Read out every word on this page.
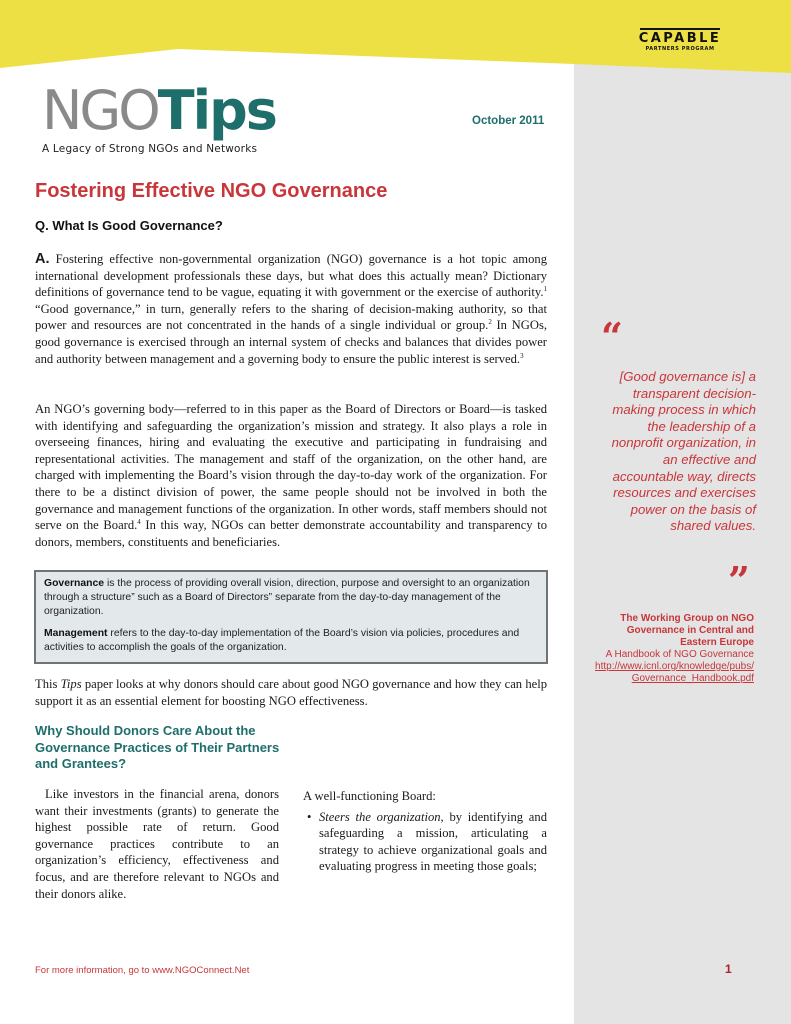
CAPABLE
PARTNERS PROGRAM
NGOTips
A Legacy of Strong NGOs and Networks
October 2011
Fostering Effective NGO Governance
Q. What Is Good Governance?
A. Fostering effective non-governmental organization (NGO) governance is a hot topic among international development professionals these days, but what does this actually mean? Dictionary definitions of governance tend to be vague, equating it with government or the exercise of authority.$^1$ “Good governance,” in turn, generally refers to the sharing of decision-making authority, so that power and resources are not concentrated in the hands of a single individual or group.$^2$ In NGOs, good governance is exercised through an internal system of checks and balances that divides power and authority between management and a governing body to ensure the public interest is served.$^3$
An NGO’s governing body—referred to in this paper as the Board of Directors or Board—is tasked with identifying and safeguarding the organization’s mission and strategy. It also plays a role in overseeing finances, hiring and evaluating the executive and participating in fundraising and representational activities. The management and staff of the organization, on the other hand, are charged with implementing the Board’s vision through the day-to-day work of the organization. For there to be a distinct division of power, the same people should not be involved in both the governance and management functions of the organization. In other words, staff members should not serve on the Board.$^4$ In this way, NGOs can better demonstrate accountability and transparency to donors, members, constituents and beneficiaries.

Governance is the process of providing overall vision, direction, purpose and oversight to an organization through a structure” such as a Board of Directors” separate from the day-to-day management of the organization.

Management refers to the day-to-day implementation of the Board’s vision via policies, procedures and activities to accomplish the goals of the organization.

This Tips paper looks at why donors should care about good NGO governance and how they can help support it as an essential element for boosting NGO effectiveness.
Why Should Donors Care About the Governance Practices of Their Partners and Grantees?
Like investors in the financial arena, donors want their investments (grants) to generate the highest possible rate of return. Good governance practices contribute to an organization’s efficiency, effectiveness and focus, and are therefore relevant to NGOs and their donors alike.
A well-functioning Board:
• Steers the organization, by identifying and safeguarding a mission, articulating a strategy to achieve organizational goals and evaluating progress in meeting those goals;
“
[Good governance is] a transparent decision-making process in which the leadership of a nonprofit organization, in an effective and accountable way, directs resources and exercises power on the basis of shared values.
”
The Working Group on NGO Governance in Central and Eastern Europe
A Handbook of NGO Governance
http://www.icnl.org/knowledge/pubs/Governance_Handbook.pdf
For more information, go to www.NGOConnect.Net	1
